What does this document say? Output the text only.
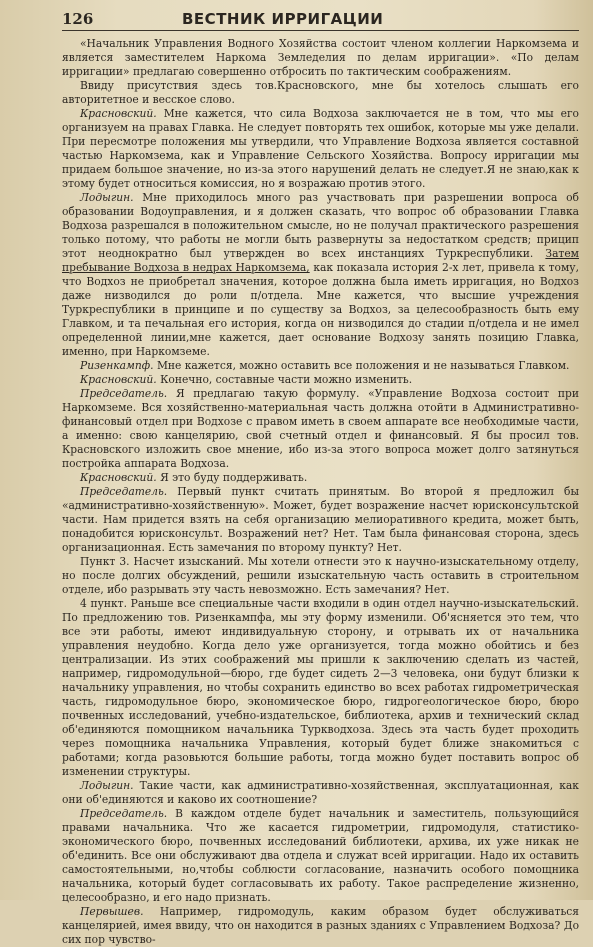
126	ВЕСТНИК ИРРИГАЦИИ

«Начальник Управления Водного Хозяйства состоит членом коллегии Наркомзема и является заместителем Наркома Земледелия по делам ирригации». «По делам ирригации» предлагаю совершенно отбросить по тактическим соображениям.

Ввиду присутствия здесь тов.Красновского, мне бы хотелось слышать его авторитетное и весское слово.

Красновский. Мне кажется, что сила Водхоза заключается не в том, что мы его организуем на правах Главка. Не следует повторять тех ошибок, которые мы уже делали. При пересмотре положения мы утвердили, что Управление Водхоза является составной частью Наркомзема, как и Управление Сельского Хозяйства. Вопросу ирригации мы придаем большое значение, но из-за этого нарушений делать не следует.Я не знаю,как к этому будет относиться комиссия, но я возражаю против этого.

Лодыгин. Мне приходилось много раз участвовать при разрешении вопроса об образовании Водоуправления, и я должен сказать, что вопрос об образовании Главка Водхоза разрешался в положительном смысле, но не получал практического разрешения только потому, что работы не могли быть развернуты за недостатком средств; прицип этот неоднократно был утвержден во всех инстанциях Туркреспублики. Затем пребывание Водхоза в недрах Наркомзема, как показала история 2-х лет, привела к тому, что Водхоз не приобретал значения, которое должна была иметь ирригация, но Водхоз даже низводился до роли п/отдела. Мне кажется, что высшие учреждения Туркреспублики в принципе и по существу за Водхоз, за целесообразность быть ему Главком, и та печальная его история, когда он низводился до стадии п/отдела и не имел определенной линии,мне кажется, дает основание Водхозу занять позицию Главка, именно, при Наркомземе.

Ризенкампф. Мне кажется, можно оставить все положения и не называться Главком.

Красновский. Конечно, составные части можно изменить.

Председатель. Я предлагаю такую формулу. «Управление Водхоза состоит при Наркомземе. Вся хозяйственно-материальная часть должна отойти в Административно-финансовый отдел при Водхозе с правом иметь в своем аппарате все необходимые части, а именно: свою канцелярию, свой счетный отдел и финансовый. Я бы просил тов. Красновского изложить свое мнение, ибо из-за этого вопроса может долго затянуться постройка аппарата Водхоза.

Красновский. Я это буду поддерживать.

Председатель. Первый пункт считать принятым. Во второй я предложил бы «административно-хозяйственную». Может, будет возражение насчет юрисконсультской части. Нам придется взять на себя организацию мелиоративного кредита, может быть, понадобится юрисконсульт. Возражений нет? Нет. Там была финансовая сторона, здесь организационная. Есть замечания по второму пункту? Нет.

Пункт 3. Насчет изысканий. Мы хотели отнести это к научно-изыскательному отделу, но после долгих обсуждений, решили изыскательную часть оставить в строительном отделе, ибо разрывать эту часть невозможно. Есть замечания? Нет.

4 пункт. Раньше все специальные части входили в один отдел научно-изыскательский. По предложению тов. Ризенкампфа, мы эту форму изменили. Об'ясняется это тем, что все эти работы, имеют индивидуальную сторону, и отрывать их от начальника управления неудобно. Когда дело уже организуется, тогда можно обойтись и без централизации. Из этих соображений мы пришли к заключению сделать из частей, например, гидромодульной—бюро, где будет сидеть 2—3 человека, они будут близки к начальнику управления, но чтобы сохранить единство во всех работах гидрометрическая часть, гидромодульное бюро, экономическое бюро, гидрогеологическое бюро, бюро почвенных исследований, учебно-издательское, библиотека, архив и технический склад об'единяются помощником начальника Туркводхоза. Здесь эта часть будет проходить через помощника начальника Управления, который будет ближе знакомиться с работами; когда разовьются большие работы, тогда можно будет поставить вопрос об изменении структуры.

Лодыгин. Такие части, как административно-хозяйственная, эксплуатационная, как они об'единяются и каково их соотношение?

Председатель. В каждом отделе будет начальник и заместитель, пользующийся правами начальника. Что же касается гидрометрии, гидромодуля, статистико-экономического бюро, почвенных исследований библиотеки, архива, их уже никак не об'единить. Все они обслуживают два отдела и служат всей ирригации. Надо их оставить самостоятельными, но,чтобы соблюсти согласование, назначить особого помощника начальника, который будет согласовывать их работу. Такое распределение жизненно, целесообразно, и его надо признать.

Первышев. Например, гидромодуль, каким образом будет обслуживаться канцелярией, имея ввиду, что он находится в разных зданиях с Управлением Водхоза? До сих пор чувство-
